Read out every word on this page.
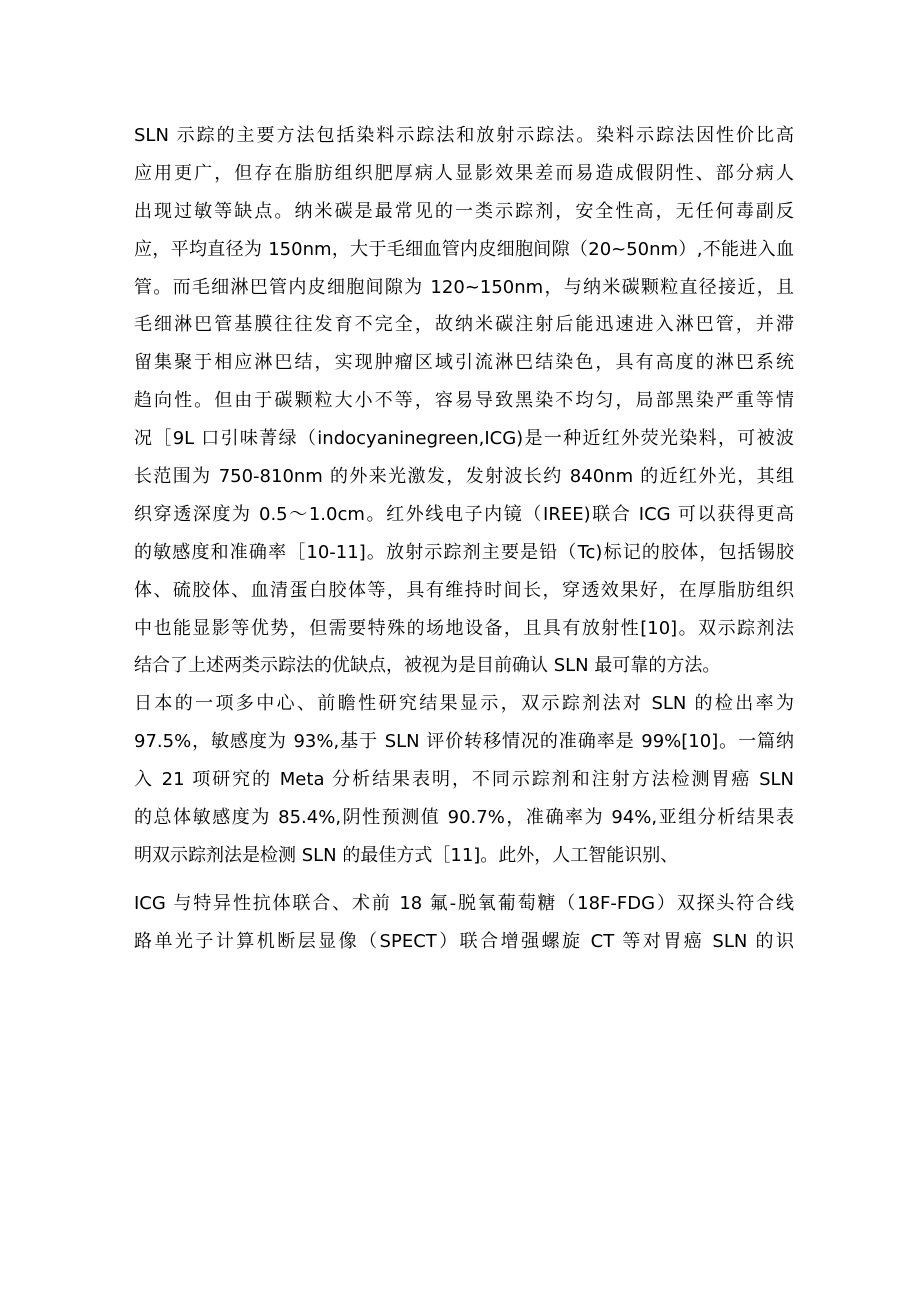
SLN 示踪的主要方法包括染料示踪法和放射示踪法。染料示踪法因性价比高
应用更广，但存在脂肪组织肥厚病人显影效果差而易造成假阴性、部分病人
出现过敏等缺点。纳米碳是最常见的一类示踪剂，安全性高，无任何毒副反
应，平均直径为 150nm，大于毛细血管内皮细胞间隙（20~50nm）,不能进入血
管。而毛细淋巴管内皮细胞间隙为 120~150nm，与纳米碳颗粒直径接近，且
毛细淋巴管基膜往往发育不完全，故纳米碳注射后能迅速进入淋巴管，并滞
留集聚于相应淋巴结，实现肿瘤区域引流淋巴结染色，具有高度的淋巴系统
趋向性。但由于碳颗粒大小不等，容易导致黑染不均匀，局部黑染严重等情
况［9L 口引味菁绿（indocyaninegreen,ICG)是一种近红外荧光染料，可被波
长范围为 750-810nm 的外来光激发，发射波长约 840nm 的近红外光，其组
织穿透深度为 0.5～1.0cm。红外线电子内镜（IREE)联合 ICG 可以获得更高
的敏感度和准确率［10-11]。放射示踪剂主要是铅（Tc)标记的胶体，包括锡胶
体、硫胶体、血清蛋白胶体等，具有维持时间长，穿透效果好，在厚脂肪组织
中也能显影等优势，但需要特殊的场地设备，且具有放射性[10]。双示踪剂法
结合了上述两类示踪法的优缺点，被视为是目前确认 SLN 最可靠的方法。
日本的一项多中心、前瞻性研究结果显示，双示踪剂法对 SLN 的检出率为
97.5%，敏感度为 93%,基于 SLN 评价转移情况的准确率是 99%[10]。一篇纳
入 21 项研究的 Meta 分析结果表明，不同示踪剂和注射方法检测胃癌 SLN
的总体敏感度为 85.4%,阴性预测值 90.7%，准确率为 94%,亚组分析结果表
明双示踪剂法是检测 SLN 的最佳方式［11]。此外，人工智能识别、
ICG 与特异性抗体联合、术前 18 氟-脱氧葡萄糖（18F-FDG）双探头符合线
路单光子计算机断层显像（SPECT）联合增强螺旋 CT 等对胃癌 SLN 的识
